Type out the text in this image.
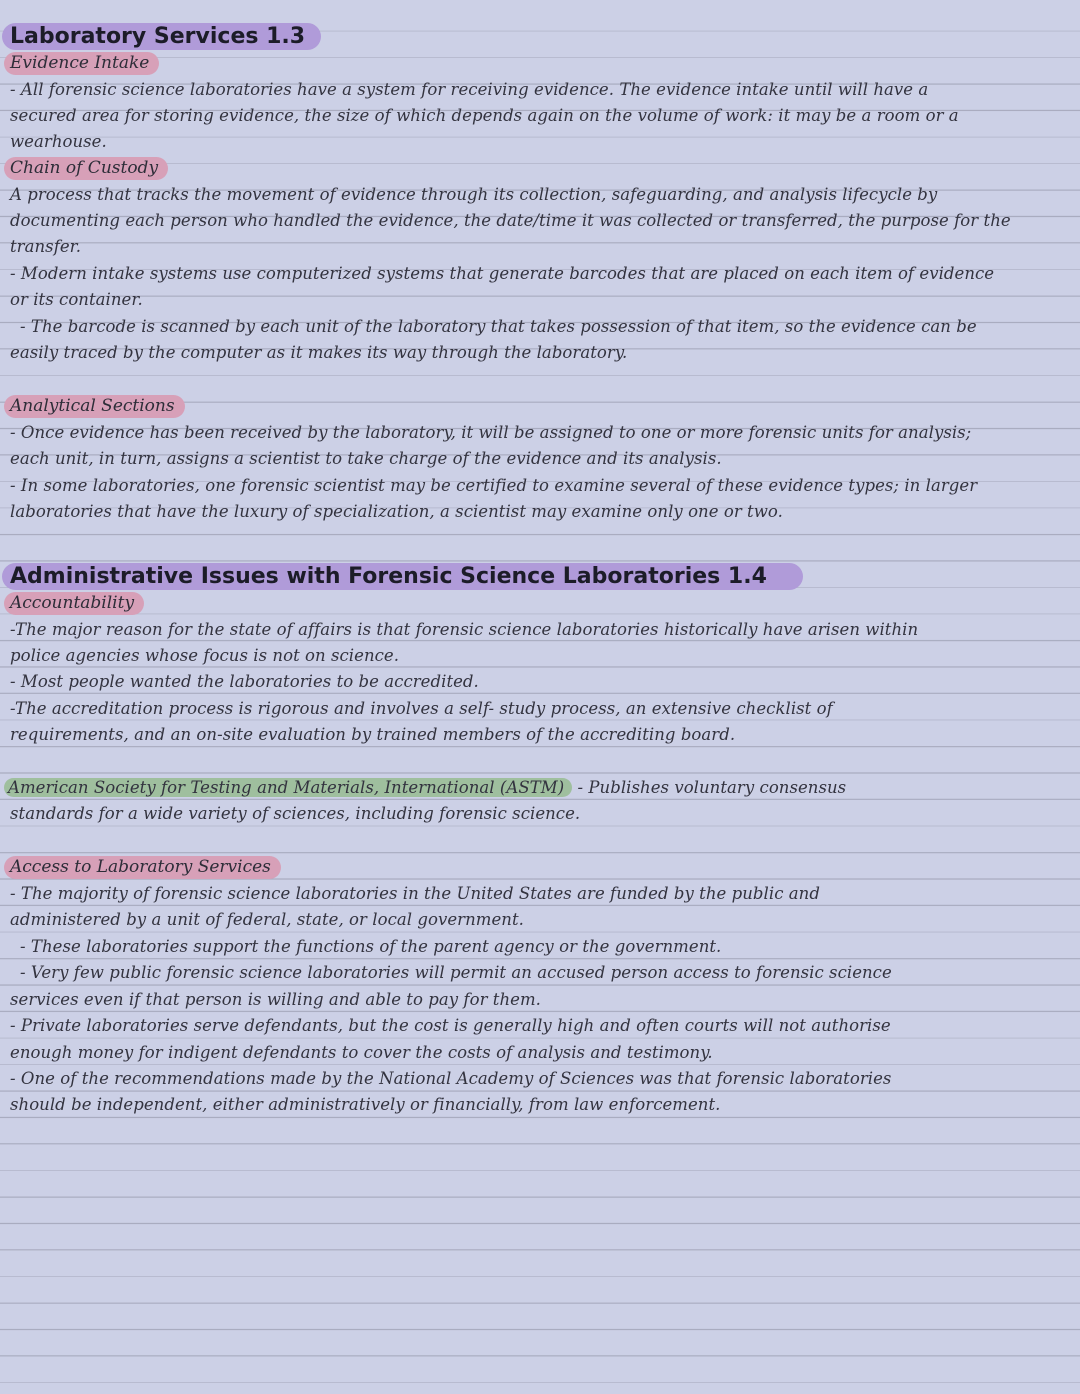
Laboratory Services 1.3
Evidence Intake
- All forensic science laboratories have a system for receiving evidence. The evidence intake until will have a
secured area for storing evidence, the size of which depends again on the volume of work: it may be a room or a
wearhouse.
Chain of Custody
A process that tracks the movement of evidence through its collection, safeguarding, and analysis lifecycle by
documenting each person who handled the evidence, the date/time it was collected or transferred, the purpose for the
transfer.
- Modern intake systems use computerized systems that generate barcodes that are placed on each item of evidence
or its container.
- The barcode is scanned by each unit of the laboratory that takes possession of that item, so the evidence can be
easily traced by the computer as it makes its way through the laboratory.
Analytical Sections
- Once evidence has been received by the laboratory, it will be assigned to one or more forensic units for analysis;
each unit, in turn, assigns a scientist to take charge of the evidence and its analysis.
- In some laboratories, one forensic scientist may be certified to examine several of these evidence types; in larger
laboratories that have the luxury of specialization, a scientist may examine only one or two.
Administrative Issues with Forensic Science Laboratories 1.4
Accountability
-The major reason for the state of affairs is that forensic science laboratories historically have arisen within
police agencies whose focus is not on science.
- Most people wanted the laboratories to be accredited.
-The accreditation process is rigorous and involves a self- study process, an extensive checklist of
requirements, and an on-site evaluation by trained members of the accrediting board.
American Society for Testing and Materials, International (ASTM) - Publishes voluntary consensus
standards for a wide variety of sciences, including forensic science.
Access to Laboratory Services
- The majority of forensic science laboratories in the United States are funded by the public and
administered by a unit of federal, state, or local government.
- These laboratories support the functions of the parent agency or the government.
- Very few public forensic science laboratories will permit an accused person access to forensic science
services even if that person is willing and able to pay for them.
- Private laboratories serve defendants, but the cost is generally high and often courts will not authorise
enough money for indigent defendants to cover the costs of analysis and testimony.
- One of the recommendations made by the National Academy of Sciences was that forensic laboratories
should be independent, either administratively or financially, from law enforcement.
